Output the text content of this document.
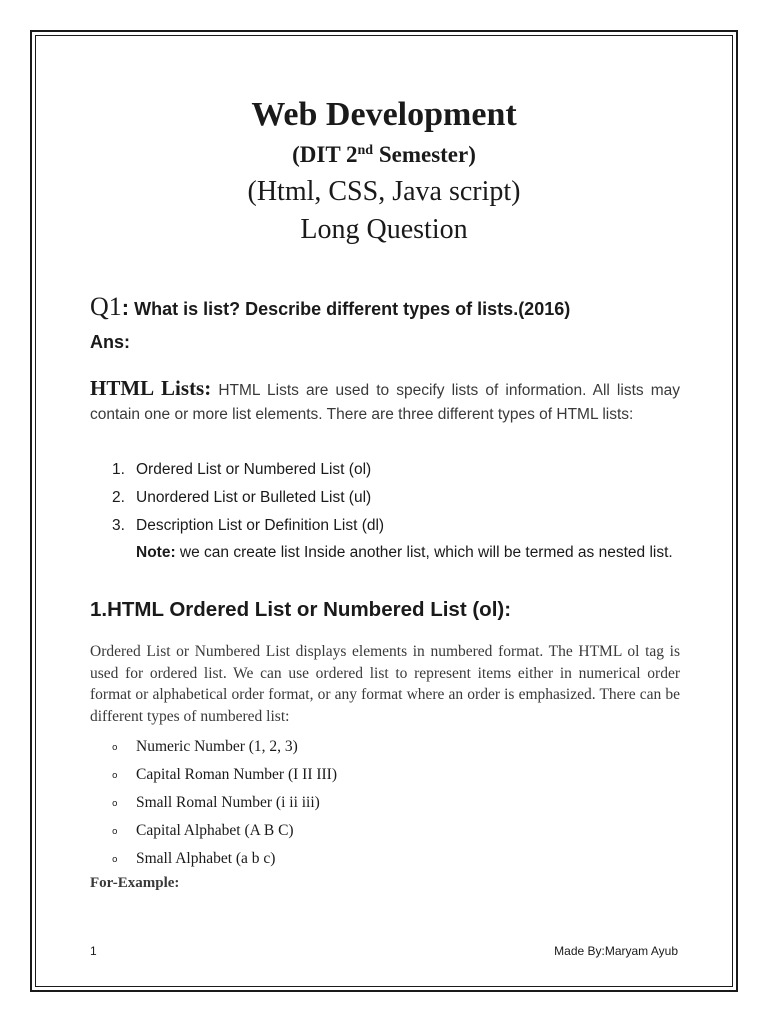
Web Development
(DIT 2nd Semester)
(Html, CSS, Java script)
Long Question
Q1: What is list? Describe different types of lists.(2016)
Ans:
HTML Lists: HTML Lists are used to specify lists of information. All lists may contain one or more list elements. There are three different types of HTML lists:
1. Ordered List or Numbered List (ol)
2. Unordered List or Bulleted List (ul)
3. Description List or Definition List (dl)
Note: we can create list Inside another list, which will be termed as nested list.
1.HTML Ordered List or Numbered List (ol):
Ordered List or Numbered List displays elements in numbered format. The HTML ol tag is used for ordered list. We can use ordered list to represent items either in numerical order format or alphabetical order format, or any format where an order is emphasized. There can be different types of numbered list:
o Numeric Number (1, 2, 3)
o Capital Roman Number (I II III)
o Small Romal Number (i ii iii)
o Capital Alphabet (A B C)
o Small Alphabet (a b c)
For-Example:
1	Made By:Maryam Ayub
